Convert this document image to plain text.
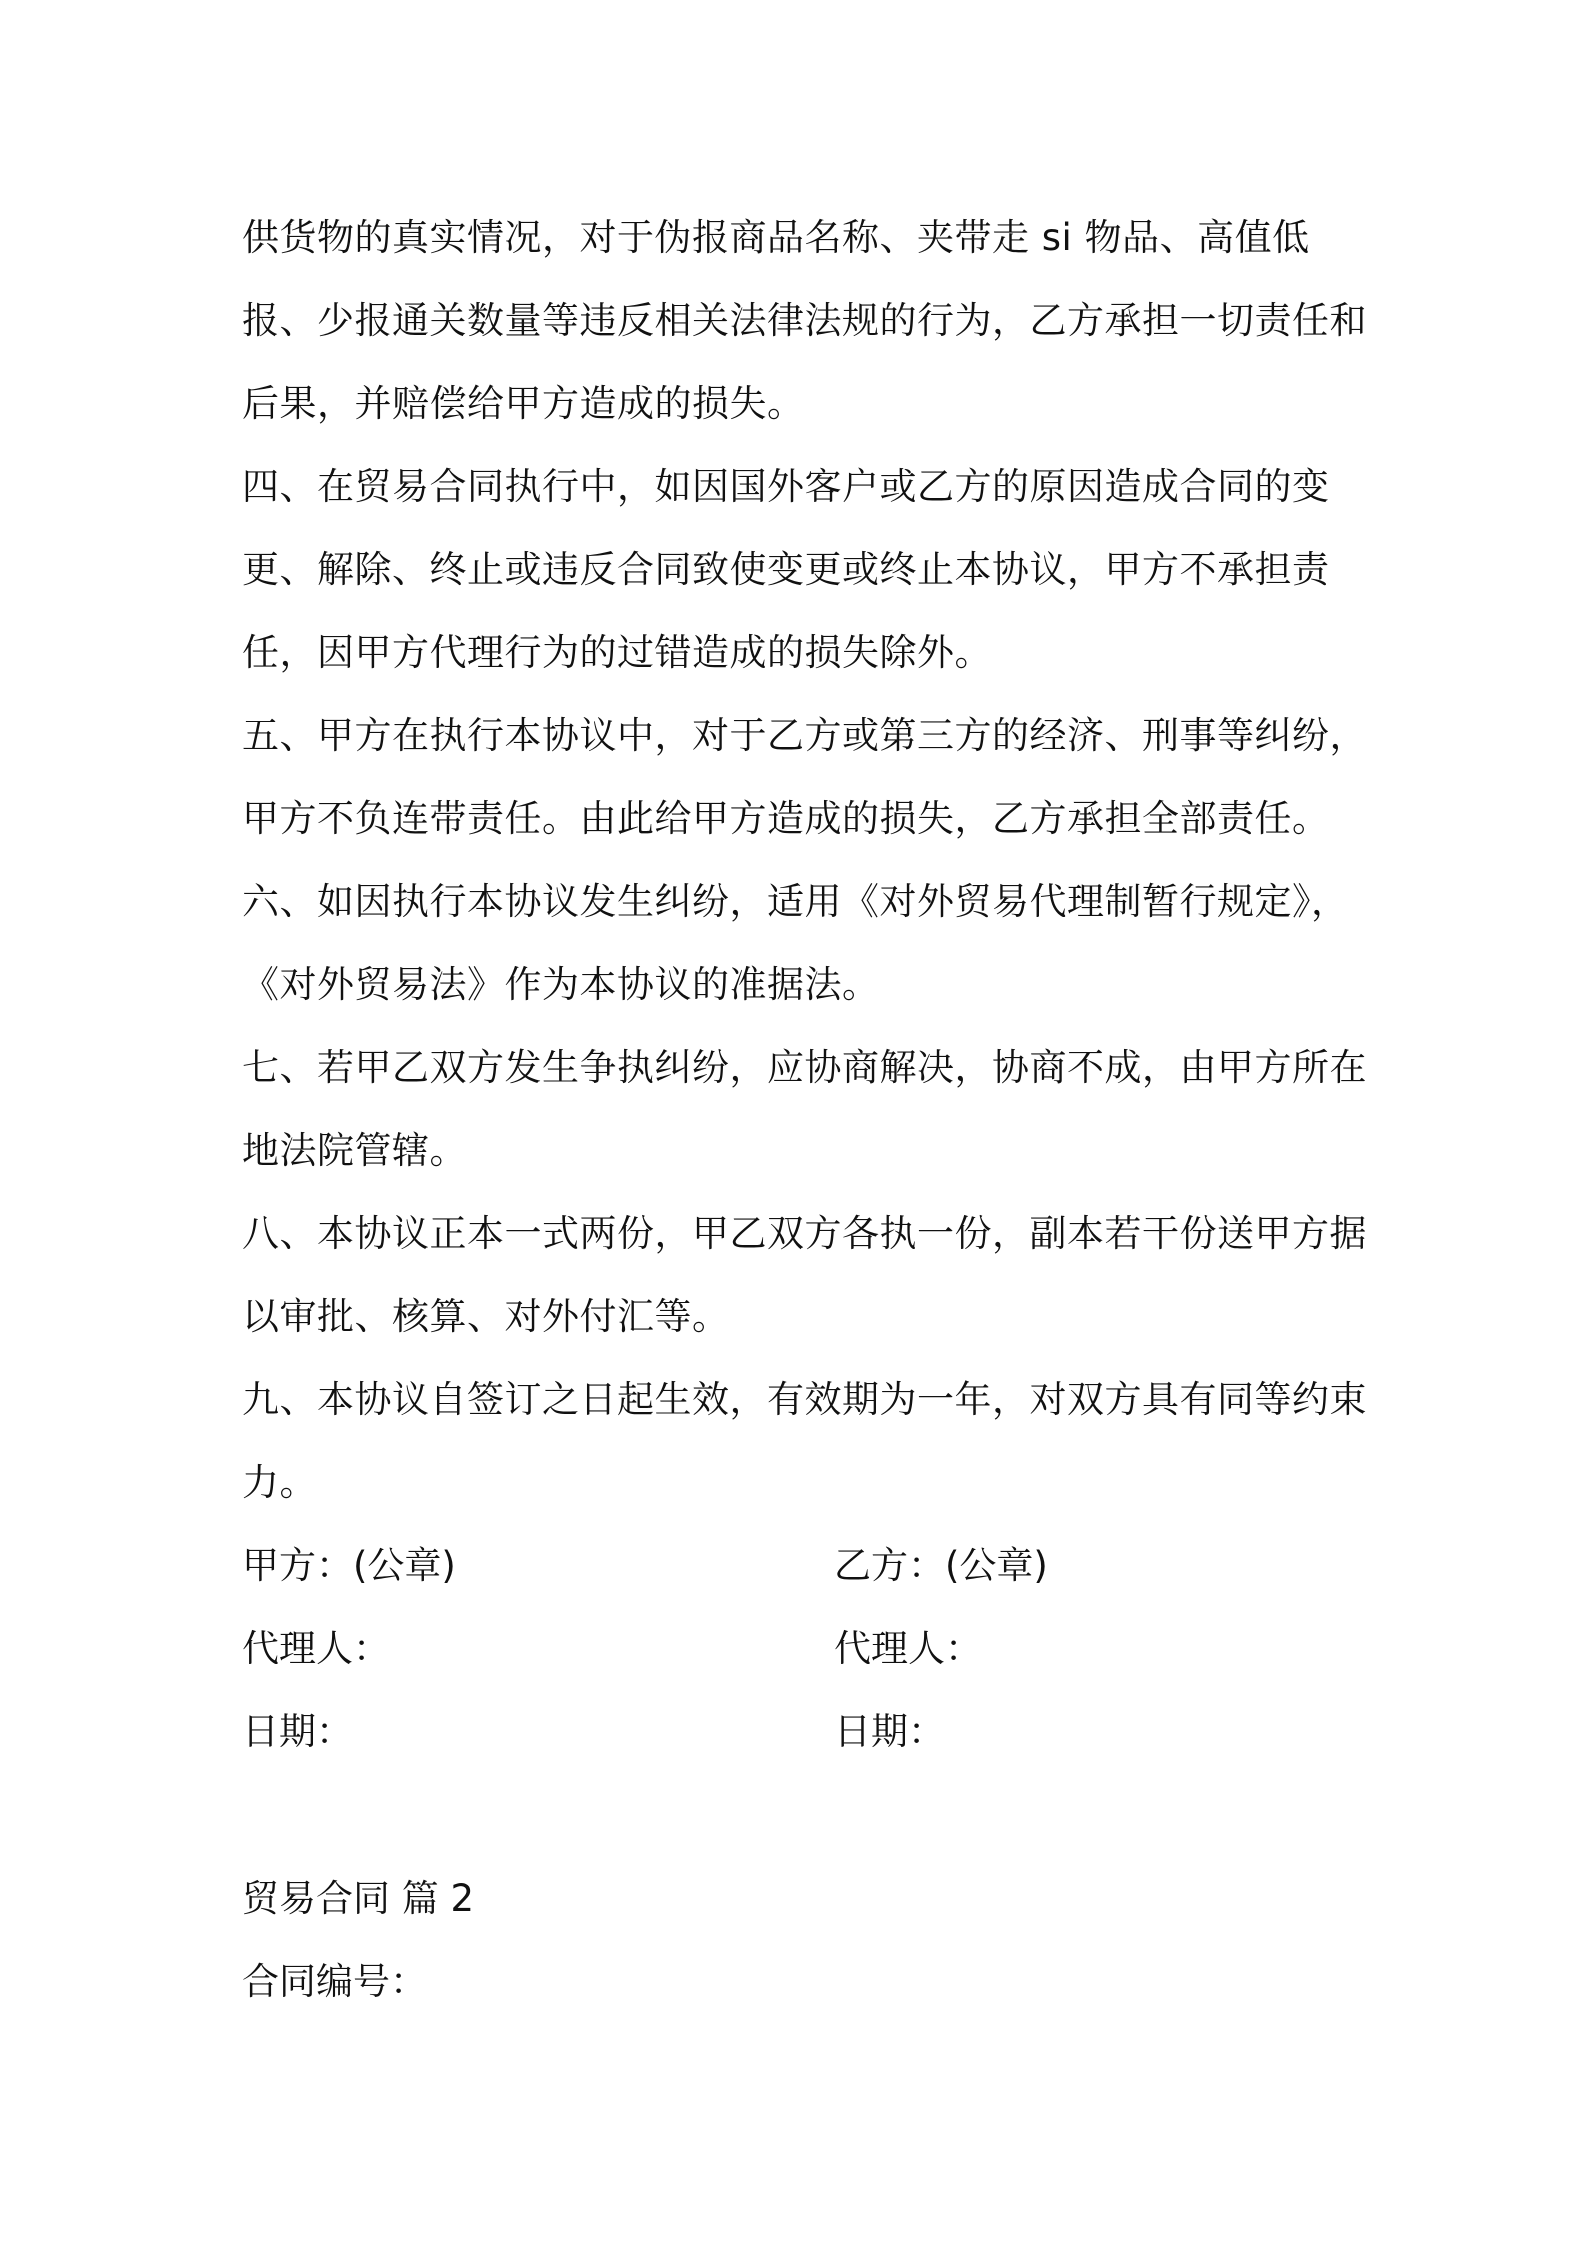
供货物的真实情况，对于伪报商品名称、夹带走 si 物品、高值低报、少报通关数量等违反相关法律法规的行为，乙方承担一切责任和后果，并赔偿给甲方造成的损失。

四、在贸易合同执行中，如因国外客户或乙方的原因造成合同的变更、解除、终止或违反合同致使变更或终止本协议，甲方不承担责任，因甲方代理行为的过错造成的损失除外。

五、甲方在执行本协议中，对于乙方或第三方的经济、刑事等纠纷，甲方不负连带责任。由此给甲方造成的损失，乙方承担全部责任。

六、如因执行本协议发生纠纷，适用《对外贸易代理制暂行规定》，《对外贸易法》作为本协议的准据法。

七、若甲乙双方发生争执纠纷，应协商解决，协商不成，由甲方所在地法院管辖。

八、本协议正本一式两份，甲乙双方各执一份，副本若干份送甲方据以审批、核算、对外付汇等。

九、本协议自签订之日起生效，有效期为一年，对双方具有同等约束力。

甲方：(公章)	乙方：(公章)
代理人：	代理人：
日期：	日期：

贸易合同 篇 2

合同编号：
